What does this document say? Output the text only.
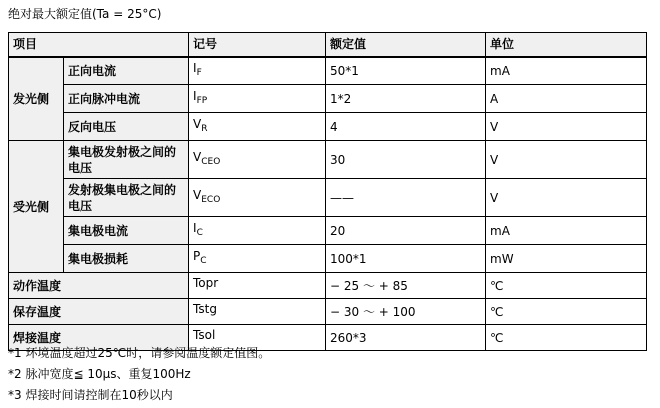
绝对最大额定值(Ta = 25°C)
项目		记号	额定值	单位
发光侧	正向电流	$I_F$	50*1	mA
	正向脉冲电流	$I_{FP}$	1*2	A
	反向电压	$V_R$	4	V
受光侧	集电极发射极之间的电压	$V_{CEO}$	30	V
	发射极集电极之间的电压	$V_{ECO}$	——	V
	集电极电流	$I_C$	20	mA
	集电极损耗	$P_C$	100*1	mW
动作温度		Topr	− 25 ～ + 85	℃
保存温度		Tstg	− 30 ～ + 100	℃
焊接温度		Tsol	260*3	℃
*1 环境温度超过25℃时，请参阅温度额定值图。
*2 脉冲宽度≦ 10μs、重复100Hz
*3 焊接时间请控制在10秒以内
